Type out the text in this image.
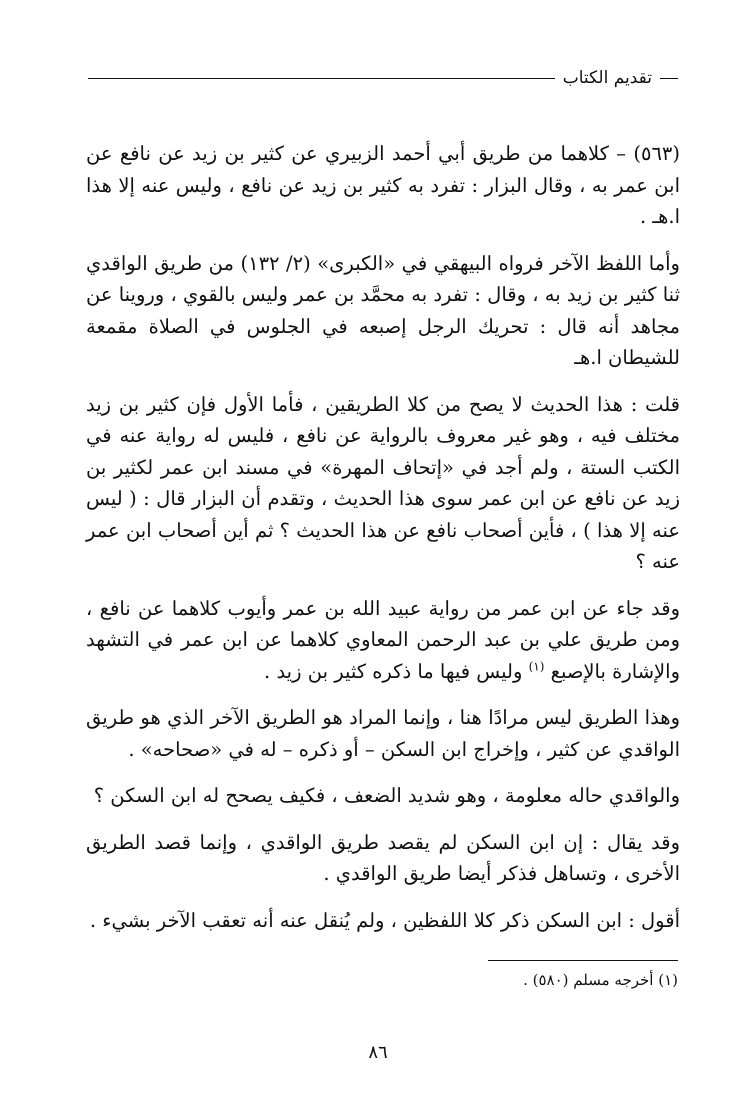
تقديم الكتاب

(٥٦٣) – كلاهما من طريق أبي أحمد الزبيري عن كثير بن زيد عن نافع عن ابن عمر به ، وقال البزار : تفرد به كثير بن زيد عن نافع ، وليس عنه إلا هذا ا.هـ .

وأما اللفظ الآخر فرواه البيهقي في «الكبرى» (٢/ ١٣٢) من طريق الواقدي ثنا كثير بن زيد به ، وقال : تفرد به محمَّد بن عمر وليس بالقوي ، وروينا عن مجاهد أنه قال : تحريك الرجل إصبعه في الجلوس في الصلاة مقمعة للشيطان ا.هـ

قلت : هذا الحديث لا يصح من كلا الطريقين ، فأما الأول فإن كثير بن زيد مختلف فيه ، وهو غير معروف بالرواية عن نافع ، فليس له رواية عنه في الكتب الستة ، ولم أجد في «إتحاف المهرة» في مسند ابن عمر لكثير بن زيد عن نافع عن ابن عمر سوى هذا الحديث ، وتقدم أن البزار قال : ( ليس عنه إلا هذا ) ، فأين أصحاب نافع عن هذا الحديث ؟ ثم أين أصحاب ابن عمر عنه ؟

وقد جاء عن ابن عمر من رواية عبيد الله بن عمر وأيوب كلاهما عن نافع ، ومن طريق علي بن عبد الرحمن المعاوي كلاهما عن ابن عمر في التشهد والإشارة بالإصبع $^{(١)}$ وليس فيها ما ذكره كثير بن زيد .

وهذا الطريق ليس مرادًا هنا ، وإنما المراد هو الطريق الآخر الذي هو طريق الواقدي عن كثير ، وإخراج ابن السكن – أو ذكره – له في «صحاحه» .

والواقدي حاله معلومة ، وهو شديد الضعف ، فكيف يصحح له ابن السكن ؟

وقد يقال : إن ابن السكن لم يقصد طريق الواقدي ، وإنما قصد الطريق الأخرى ، وتساهل فذكر أيضا طريق الواقدي .

أقول : ابن السكن ذكر كلا اللفظين ، ولم يُنقل عنه أنه تعقب الآخر بشيء .

(١) أخرجه مسلم (٥٨٠) .
٨٦
